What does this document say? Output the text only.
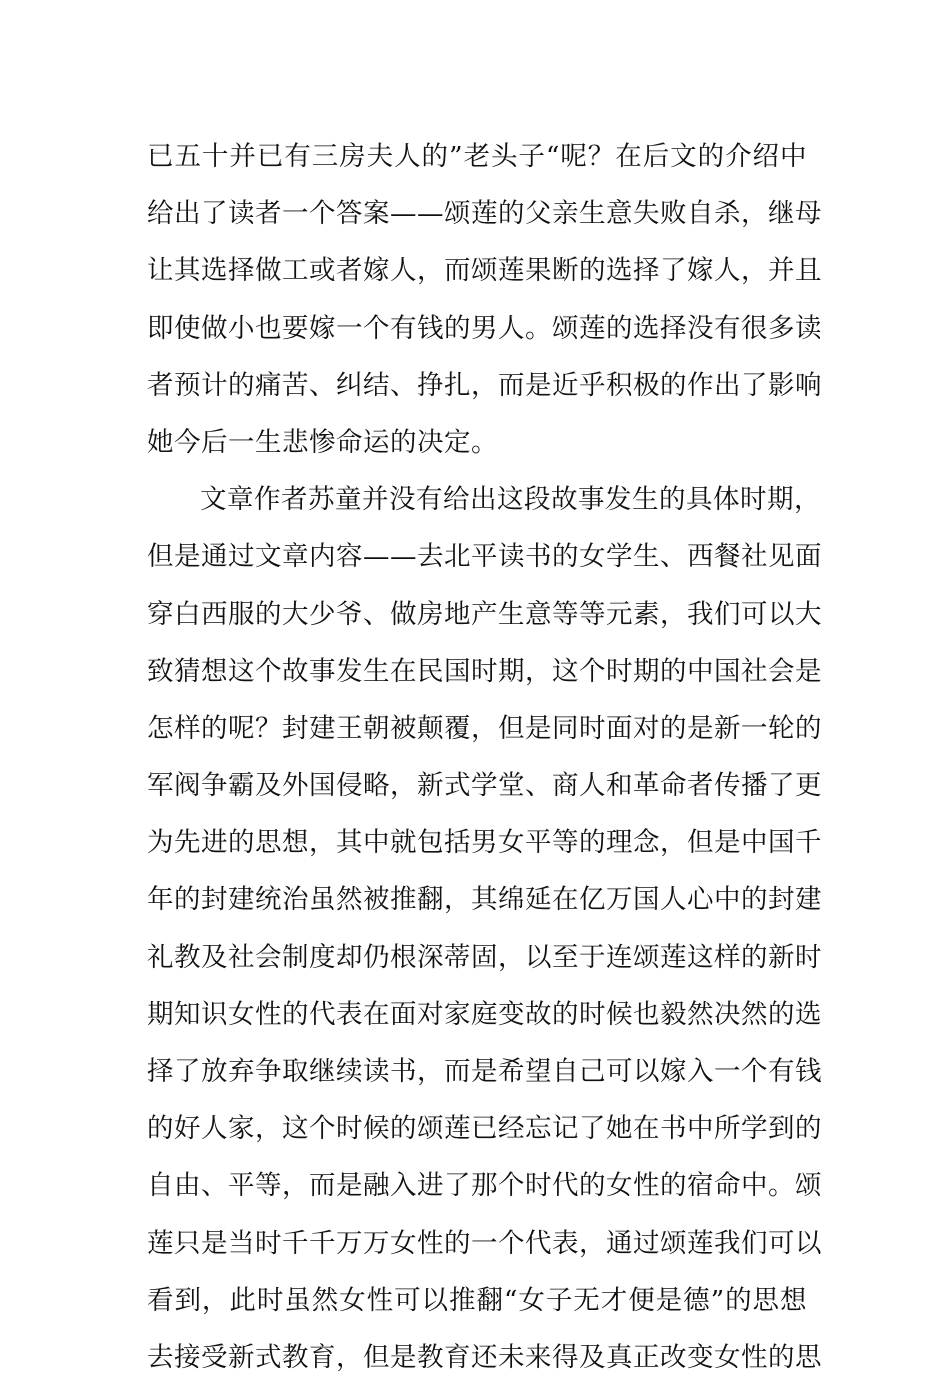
已五十并已有三房夫人的”老头子“呢？在后文的介绍中
给出了读者一个答案——颂莲的父亲生意失败自杀，继母
让其选择做工或者嫁人，而颂莲果断的选择了嫁人，并且
即使做小也要嫁一个有钱的男人。颂莲的选择没有很多读
者预计的痛苦、纠结、挣扎，而是近乎积极的作出了影响
她今后一生悲惨命运的决定。
文章作者苏童并没有给出这段故事发生的具体时期，
但是通过文章内容——去北平读书的女学生、西餐社见面
穿白西服的大少爷、做房地产生意等等元素，我们可以大
致猜想这个故事发生在民国时期，这个时期的中国社会是
怎样的呢？封建王朝被颠覆，但是同时面对的是新一轮的
军阀争霸及外国侵略，新式学堂、商人和革命者传播了更
为先进的思想，其中就包括男女平等的理念，但是中国千
年的封建统治虽然被推翻，其绵延在亿万国人心中的封建
礼教及社会制度却仍根深蒂固，以至于连颂莲这样的新时
期知识女性的代表在面对家庭变故的时候也毅然决然的选
择了放弃争取继续读书，而是希望自己可以嫁入一个有钱
的好人家，这个时候的颂莲已经忘记了她在书中所学到的
自由、平等，而是融入进了那个时代的女性的宿命中。颂
莲只是当时千千万万女性的一个代表，通过颂莲我们可以
看到，此时虽然女性可以推翻“女子无才便是德”的思想
去接受新式教育，但是教育还未来得及真正改变女性的思
